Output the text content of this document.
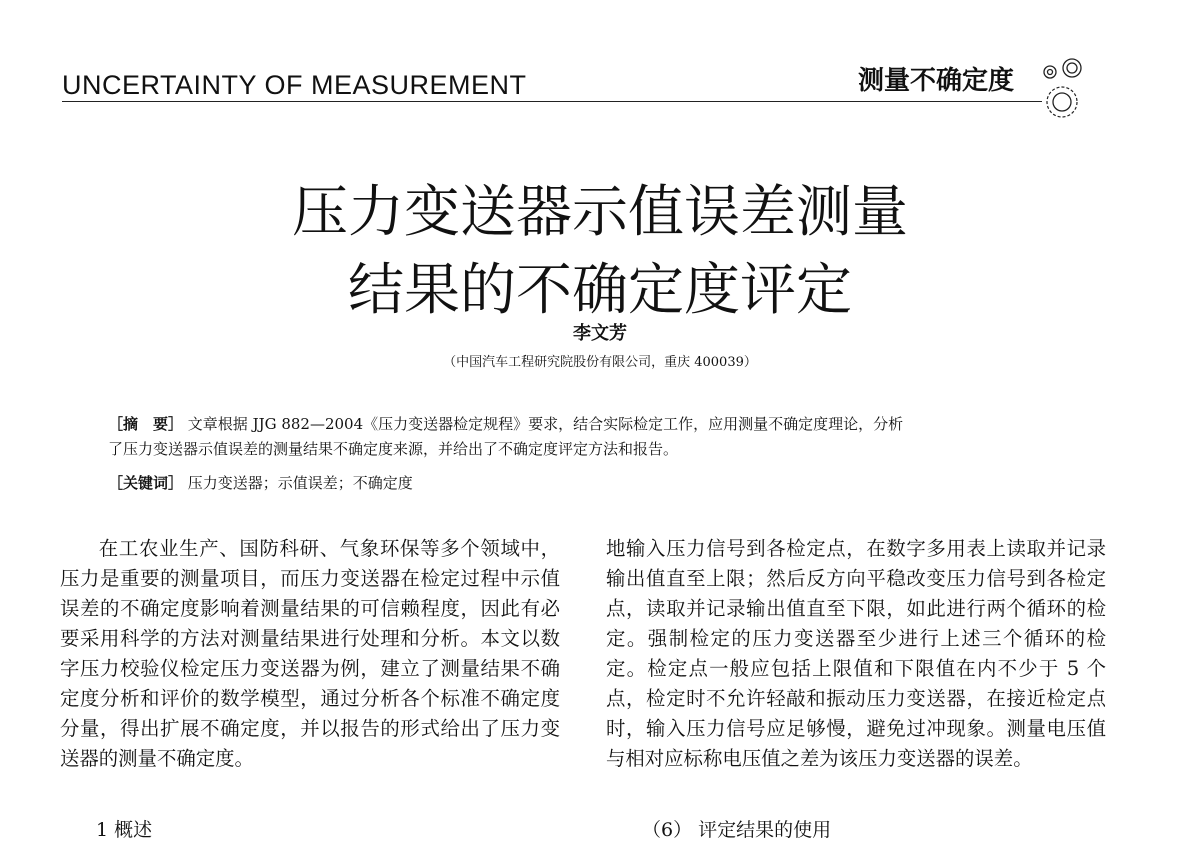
UNCERTAINTY OF MEASUREMENT	测量不确定度
压力变送器示值误差测量
结果的不确定度评定
李文芳
（中国汽车工程研究院股份有限公司，重庆 400039）
［摘　要］ 文章根据 JJG 882—2004《压力变送器检定规程》要求，结合实际检定工作，应用测量不确定度理论，分析
了压力变送器示值误差的测量结果不确定度来源，并给出了不确定度评定方法和报告。
［关键词］ 压力变送器；示值误差；不确定度

在工农业生产、国防科研、气象环保等多个领域中，压力是重要的测量项目，而压力变送器在检定过程中示值误差的不确定度影响着测量结果的可信赖程度，因此有必要采用科学的方法对测量结果进行处理和分析。本文以数字压力校验仪检定压力变送器为例，建立了测量结果不确定度分析和评价的数学模型，通过分析各个标准不确定度分量，得出扩展不确定度，并以报告的形式给出了压力变送器的测量不确定度。

地输入压力信号到各检定点，在数字多用表上读取并记录输出值直至上限；然后反方向平稳改变压力信号到各检定点，读取并记录输出值直至下限，如此进行两个循环的检定。强制检定的压力变送器至少进行上述三个循环的检定。检定点一般应包括上限值和下限值在内不少于 5 个点，检定时不允许轻敲和振动压力变送器，在接近检定点时，输入压力信号应足够慢，避免过冲现象。测量电压值与相对应标称电压值之差为该压力变送器的误差。

1 概述	（6） 评定结果的使用
